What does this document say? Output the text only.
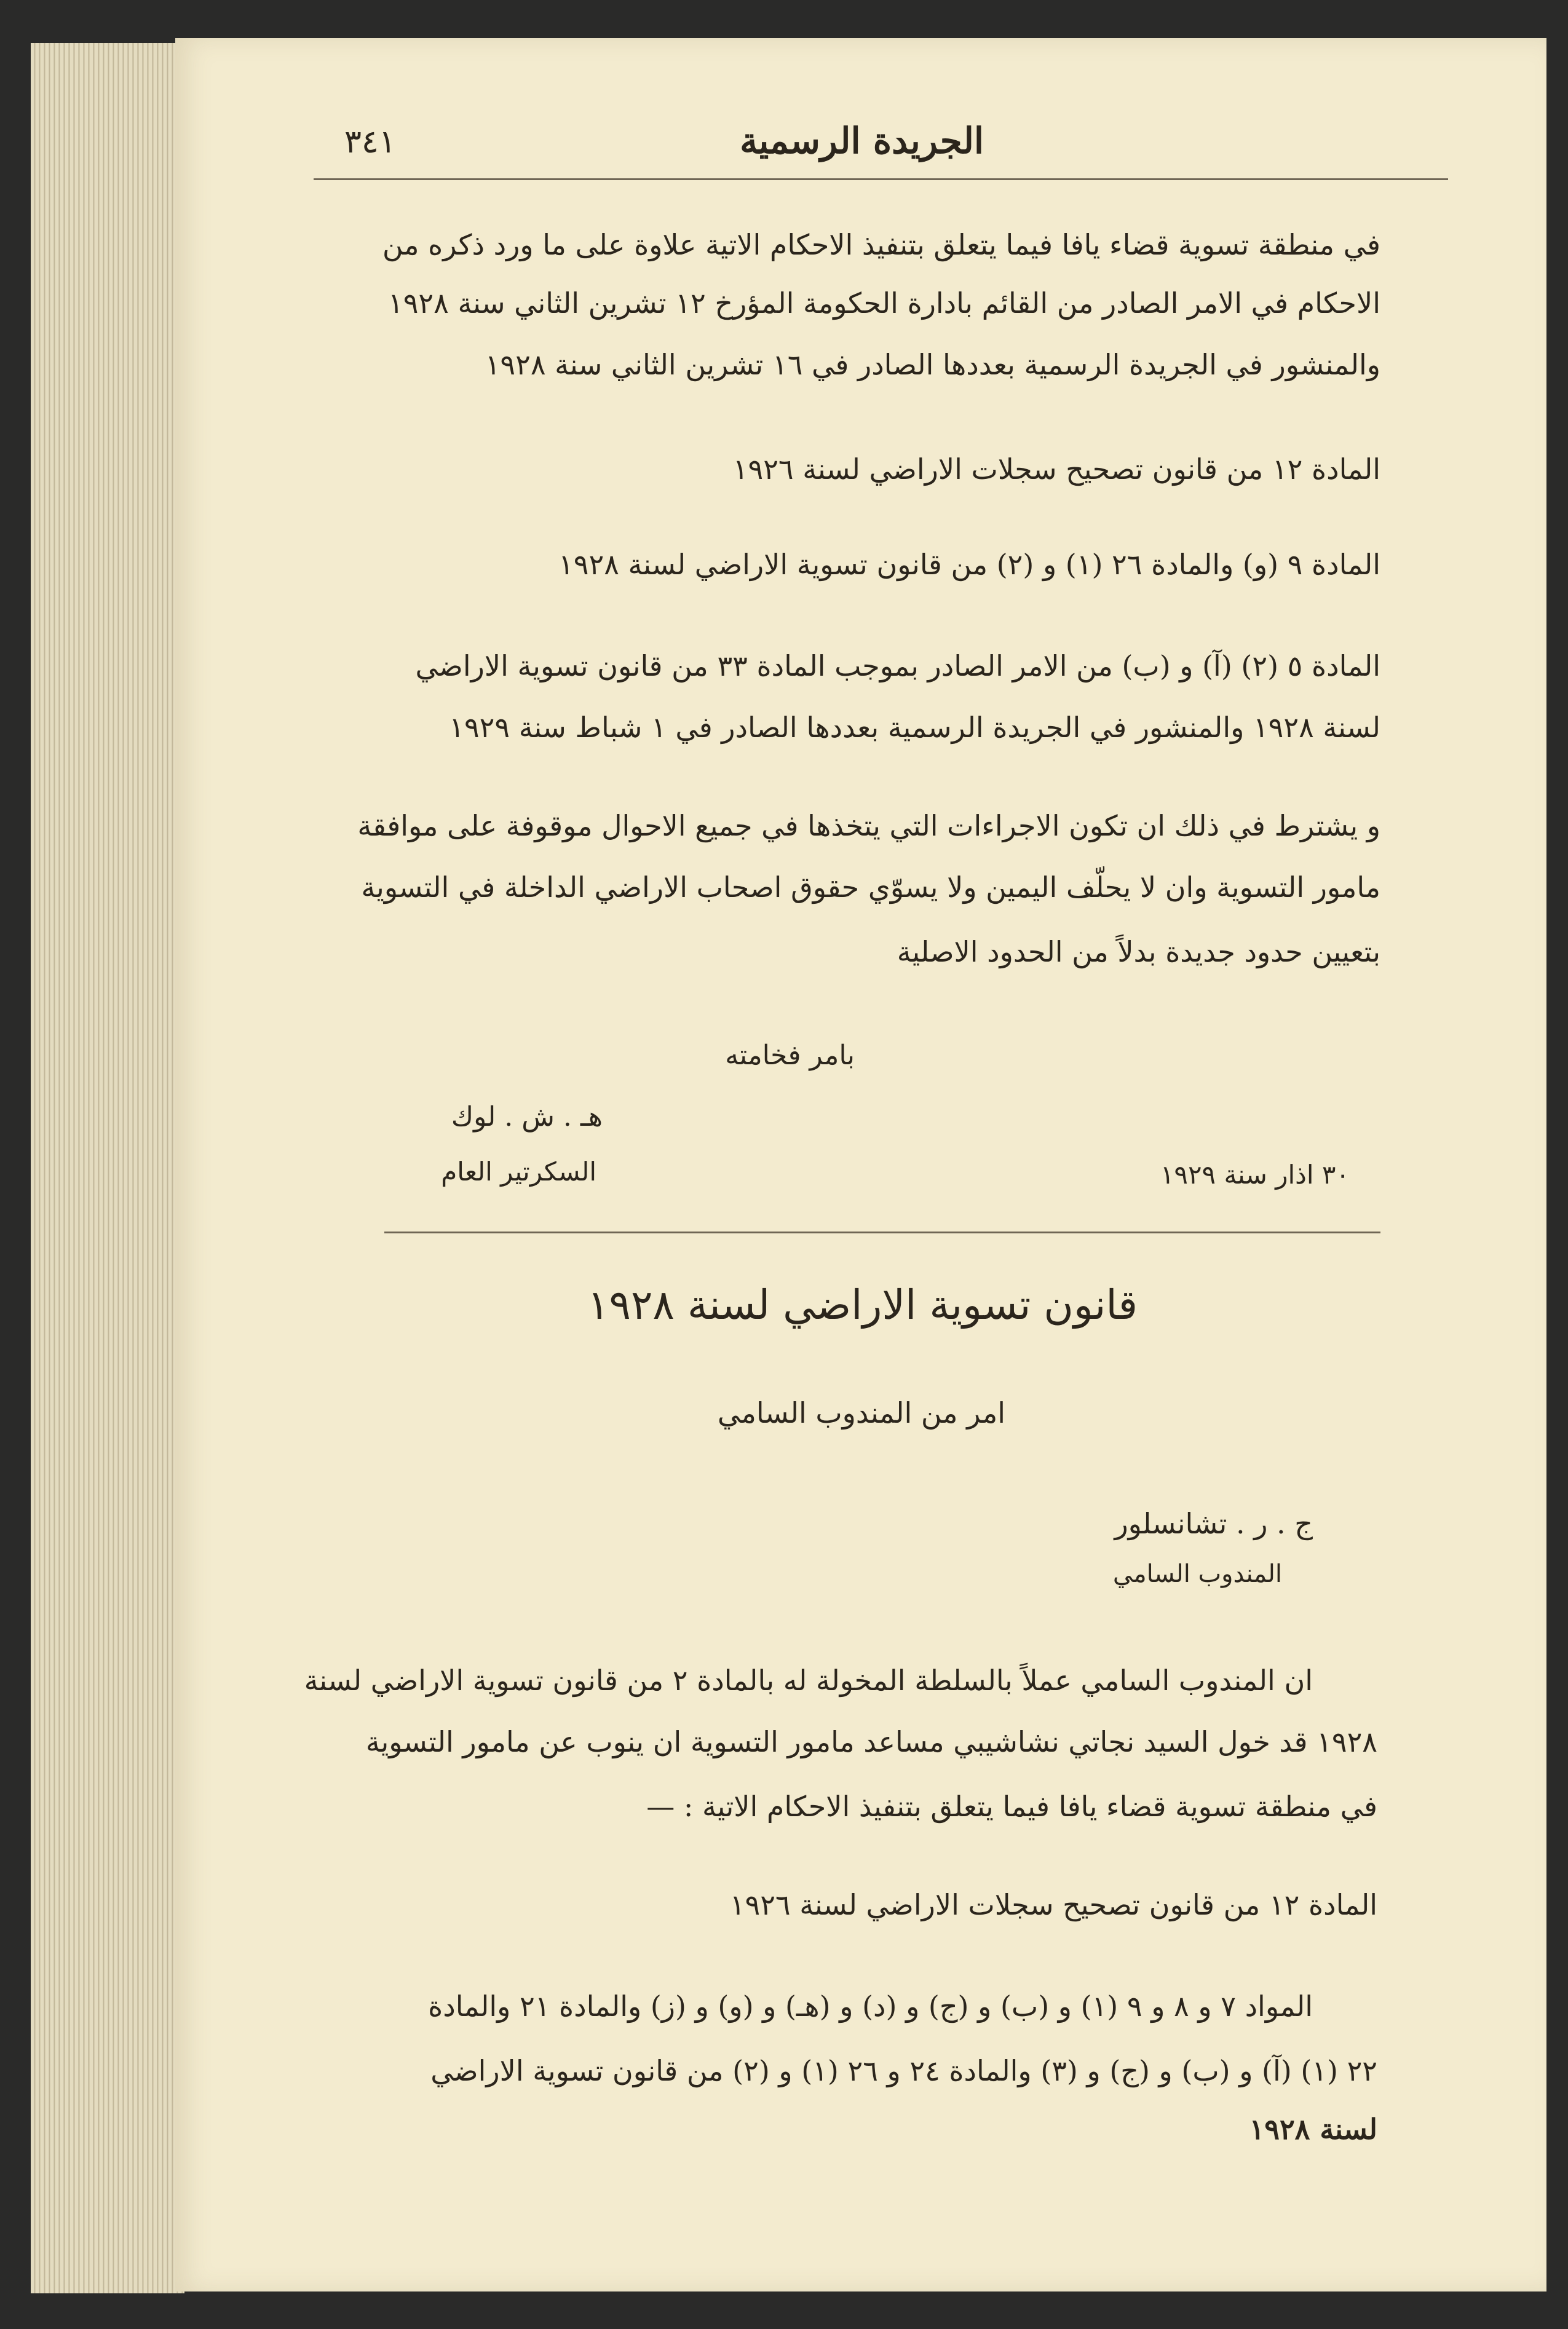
٣٤١	الجريدة الرسمية
في منطقة تسوية قضاء يافا فيما يتعلق بتنفيذ الاحكام الاتية علاوة على ما ورد ذكره من
الاحكام في الامر الصادر من القائم بادارة الحكومة المؤرخ ١٢ تشرين الثاني سنة ١٩٢٨
والمنشور في الجريدة الرسمية بعددها الصادر في ١٦ تشرين الثاني سنة ١٩٢٨
المادة ١٢ من قانون تصحيح سجلات الاراضي لسنة ١٩٢٦
المادة ٩ (و) والمادة ٢٦ (١) و (٢) من قانون تسوية الاراضي لسنة ١٩٢٨
المادة ٥ (٢) (آ) و (ب) من الامر الصادر بموجب المادة ٣٣ من قانون تسوية الاراضي
لسنة ١٩٢٨ والمنشور في الجريدة الرسمية بعددها الصادر في ١ شباط سنة ١٩٢٩
و يشترط في ذلك ان تكون الاجراءات التي يتخذها في جميع الاحوال موقوفة على موافقة
مامور التسوية وان لا يحلّف اليمين ولا يسوّي حقوق اصحاب الاراضي الداخلة في التسوية
بتعيين حدود جديدة بدلاً من الحدود الاصلية
بامر فخامته
هـ . ش . لوك
السكرتير العام	٣٠ اذار سنة ١٩٢٩
قانون تسوية الاراضي لسنة ١٩٢٨
امر من المندوب السامي
ج . ر . تشانسلور
المندوب السامي
ان المندوب السامي عملاً بالسلطة المخولة له بالمادة ٢ من قانون تسوية الاراضي لسنة
١٩٢٨ قد خول السيد نجاتي نشاشيبي مساعد مامور التسوية ان ينوب عن مامور التسوية
في منطقة تسوية قضاء يافا فيما يتعلق بتنفيذ الاحكام الاتية : —
المادة ١٢ من قانون تصحيح سجلات الاراضي لسنة ١٩٢٦
المواد ٧ و ٨ و ٩ (١) و (ب) و (ج) و (د) و (هـ) و (و) و (ز) والمادة ٢١ والمادة
٢٢ (١) (آ) و (ب) و (ج) و (٣) والمادة ٢٤ و ٢٦ (١) و (٢) من قانون تسوية الاراضي
لسنة ١٩٢٨
